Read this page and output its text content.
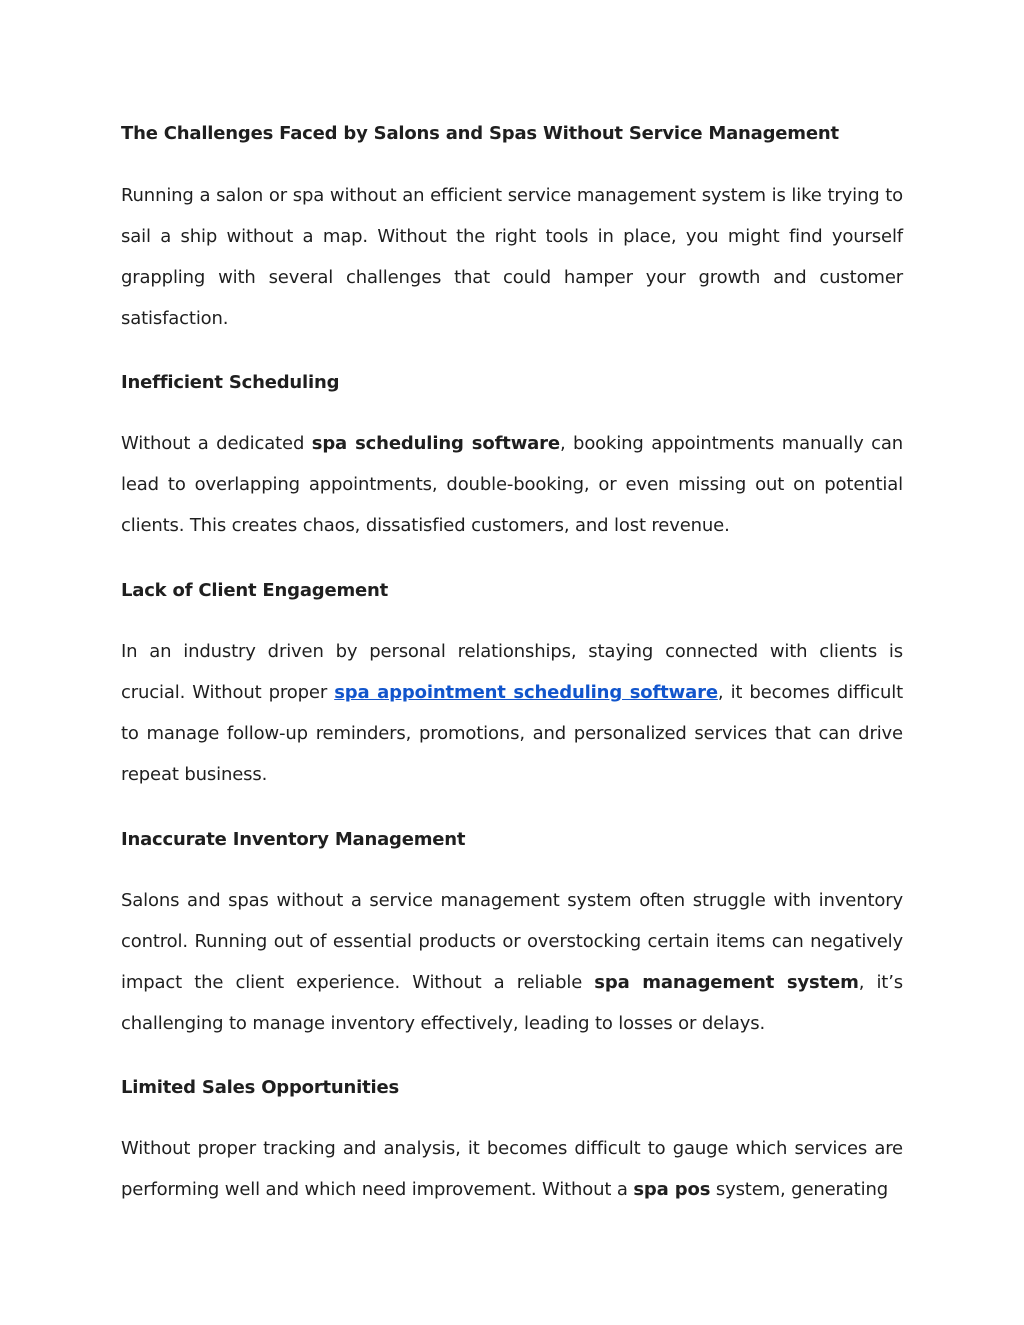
The Challenges Faced by Salons and Spas Without Service Management

Running a salon or spa without an efficient service management system is like trying to sail a ship without a map. Without the right tools in place, you might find yourself grappling with several challenges that could hamper your growth and customer satisfaction.

Inefficient Scheduling

Without a dedicated spa scheduling software, booking appointments manually can lead to overlapping appointments, double-booking, or even missing out on potential clients. This creates chaos, dissatisfied customers, and lost revenue.

Lack of Client Engagement

In an industry driven by personal relationships, staying connected with clients is crucial. Without proper spa appointment scheduling software, it becomes difficult to manage follow-up reminders, promotions, and personalized services that can drive repeat business.

Inaccurate Inventory Management

Salons and spas without a service management system often struggle with inventory control. Running out of essential products or overstocking certain items can negatively impact the client experience. Without a reliable spa management system, it’s challenging to manage inventory effectively, leading to losses or delays.

Limited Sales Opportunities

Without proper tracking and analysis, it becomes difficult to gauge which services are performing well and which need improvement. Without a spa pos system, generating
